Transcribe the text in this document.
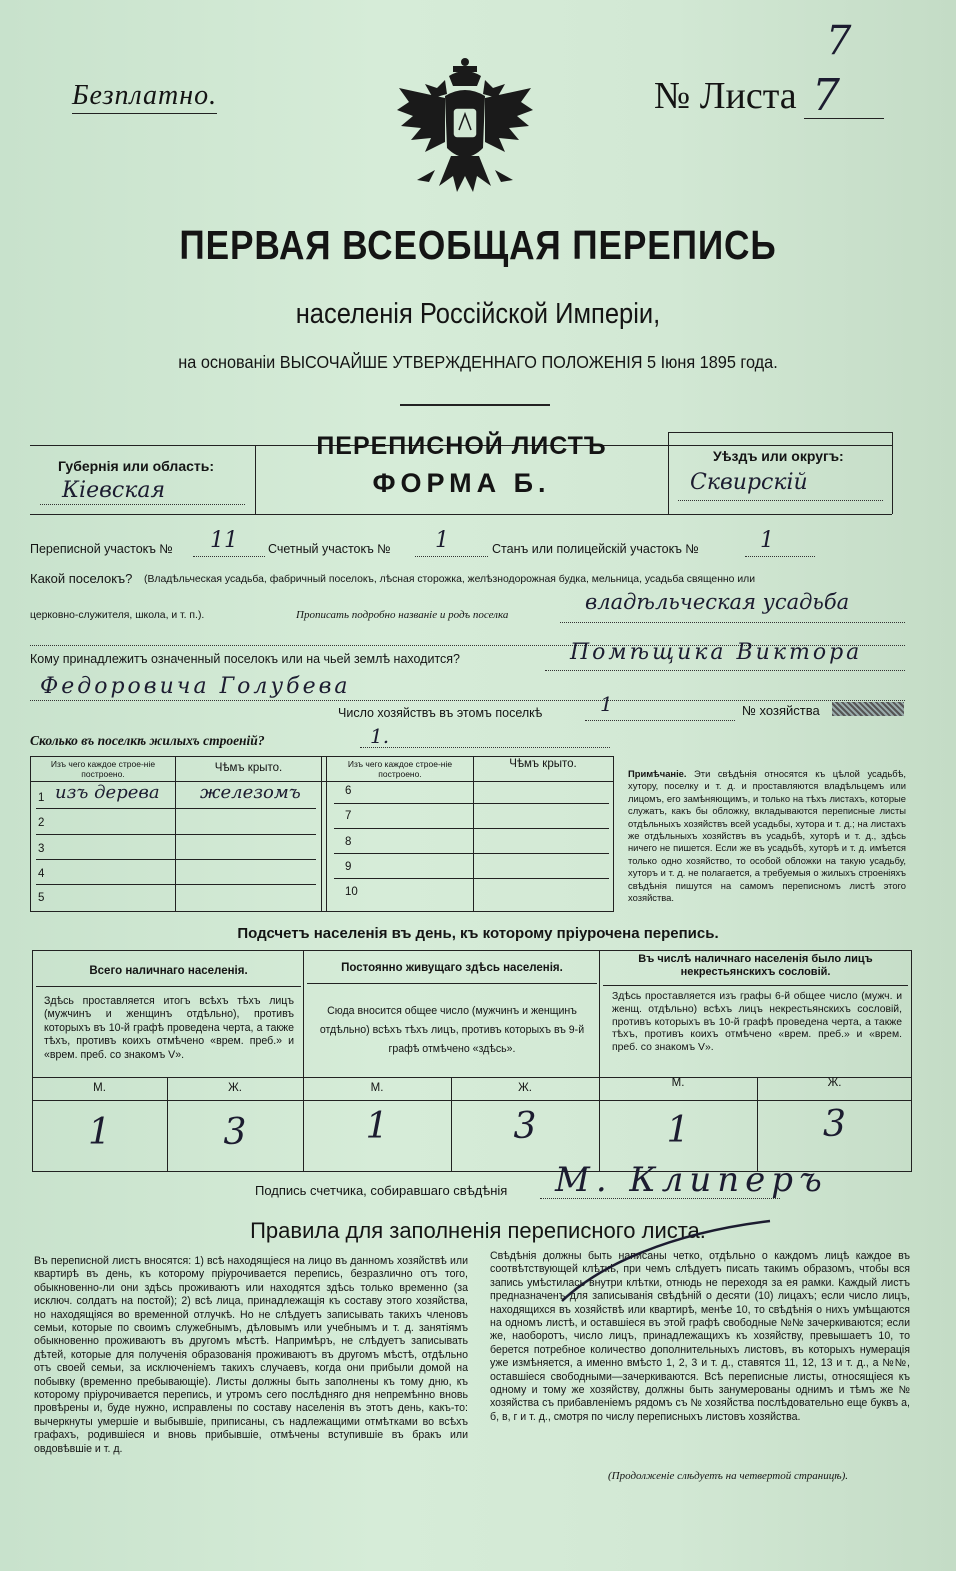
7
Безплатно.	№ Листа 7
ПЕРВАЯ ВСЕОБЩАЯ ПЕРЕПИСЬ
населенія Россійской Имперіи,
на основаніи ВЫСОЧАЙШЕ УТВЕРЖДЕННАГО ПОЛОЖЕНІЯ 5 Іюня 1895 года.
Губернія или область:
Кіевская
ПЕРЕПИСНОЙ ЛИСТЪ
ФОРМА Б.
Уѣздъ или округъ:
Сквирскій
Переписной участокъ № 11 Счетный участокъ № 1	Станъ или полицейскій участокъ №	1
Какой поселокъ? (Владѣльческая усадьба, фабричный поселокъ, лѣсная сторожка, желѣзнодорожная будка, мельница, усадьба священно или
церковно-служителя, школа, и т. п.).	Прописать подробно названіе и родъ поселка
владѣльческая усадьба
Кому принадлежитъ означенный поселокъ или на чьей землѣ находится?	Помѣщика Виктора
Федоровича Голубева
Число хозяйствъ въ этомъ поселкѣ	1	№ хозяйства
Сколько въ поселкѣ жилыхъ строеній?	1.
Изъ чего каждое строе-ніе построено.	Чѣмъ крыто.	Изъ чего каждое строе-ніе построено.
Чѣмъ крыто.
1 изъ дерева железомъ
2
3
4
5
6
7
8
9
10
Примѣчаніе. Эти свѣдѣнія относятся къ цѣлой усадьбѣ, хутору, поселку и т. д. и проставляются владѣльцемъ или лицомъ, его замѣняющимъ, и только на тѣхъ листахъ, которые служатъ, какъ бы обложку, вкладываются переписные листы отдѣльныхъ хозяйствъ всей усадьбы, хутора и т. д.; на листахъ же отдѣльныхъ хозяйствъ въ усадьбѣ, хуторѣ и т. д., здѣсь ничего не пишется. Если же въ усадьбѣ, хуторѣ и т. д. имѣется только одно хозяйство, то особой обложки на такую усадьбу, хуторъ и т. д. не полагается, а требуемыя о жилыхъ строеніяхъ свѣдѣнія пишутся на самомъ переписномъ листѣ этого хозяйства.
Подсчетъ населенія въ день, къ которому пріурочена перепись.
Всего наличнаго населенія.
Здѣсь проставляется итогъ всѣхъ тѣхъ лицъ (мужчинъ и женщинъ отдѣльно), противъ которыхъ въ 10-й графѣ проведена черта, а также тѣхъ, противъ коихъ отмѣчено «врем. преб.» и «врем. преб. со знакомъ V».
Постоянно живущаго здѣсь населенія.
Сюда вносится общее число (мужчинъ и женщинъ отдѣльно) всѣхъ тѣхъ лицъ, противъ которыхъ въ 9-й графѣ отмѣчено «здѣсь».
Въ числѣ наличнаго населенія было лицъ некрестьянскихъ сословій.
Здѣсь проставляется изъ графы 6-й общее число (мужч. и женщ. отдѣльно) всѣхъ лицъ некрестьянскихъ сословій, противъ которыхъ въ 10-й графѣ проведена черта, а также тѣхъ, противъ коихъ отмѣчено «врем. преб.» и «врем. преб. со знакомъ V».
М.	Ж.	М.	Ж.	М.	Ж.
1	3	1	3	1	3
Подпись счетчика, собиравшаго свѣдѣнія М. Клиперъ
Правила для заполненія переписного листа.
Въ переписной листъ вносятся: 1) всѣ находящіеся на лицо въ данномъ хозяйствѣ или квартирѣ въ день, къ которому пріурочивается перепись, безразлично отъ того, обыкновенно-ли они здѣсь проживаютъ или находятся здѣсь только временно (за исключ. солдатъ на постой); 2) всѣ лица, принадлежащія къ составу этого хозяйства, но находящіяся во временной отлучкѣ. Но не слѣдуетъ записывать такихъ членовъ семьи, которые по своимъ служебнымъ, дѣловымъ или учебнымъ и т. д. занятіямъ обыкновенно проживаютъ въ другомъ мѣстѣ. Напримѣръ, не слѣдуетъ записывать дѣтей, которые для полученія образованія проживаютъ въ другомъ мѣстѣ, отдѣльно отъ своей семьи, за исключеніемъ такихъ случаевъ, когда они прибыли домой на побывку (временно пребывающіе). Листы должны быть заполнены къ тому дню, къ которому пріурочивается перепись, и утромъ сего послѣдняго дня непремѣнно вновь провѣрены и, буде нужно, исправлены по составу населенія въ этотъ день, какъ-то: вычеркнуты умершіе и выбывшіе, приписаны, съ надлежащими отмѣтками во всѣхъ графахъ, родившіеся и вновь прибывшіе, отмѣчены вступившіе въ бракъ или овдовѣвшіе и т. д.
Свѣдѣнія должны быть написаны четко, отдѣльно о каждомъ лицѣ каждое въ соотвѣтствующей клѣткѣ, при чемъ слѣдуетъ писать такимъ образомъ, чтобы вся запись умѣстилась внутри клѣтки, отнюдь не переходя за ея рамки. Каждый листъ предназначенъ для записыванія свѣдѣній о десяти (10) лицахъ; если число лицъ, находящихся въ хозяйствѣ или квартирѣ, менѣе 10, то свѣдѣнія о нихъ умѣщаются на одномъ листѣ, и оставшіеся въ этой графѣ свободные №№ зачеркиваются; если же, наоборотъ, число лицъ, принадлежащихъ къ хозяйству, превышаетъ 10, то берется потребное количество дополнительныхъ листовъ, въ которыхъ нумерація уже измѣняется, а именно вмѣсто 1, 2, 3 и т. д., ставятся 11, 12, 13 и т. д., а №№, оставшіеся свободными—зачеркиваются. Всѣ переписные листы, относящіеся къ одному и тому же хозяйству, должны быть занумерованы однимъ и тѣмъ же № хозяйства съ прибавленіемъ рядомъ съ № хозяйства послѣдовательно еще буквъ а, б, в, г и т. д., смотря по числу переписныхъ листовъ хозяйства.
(Продолженіе слѣдуетъ на четвертой страницѣ).
